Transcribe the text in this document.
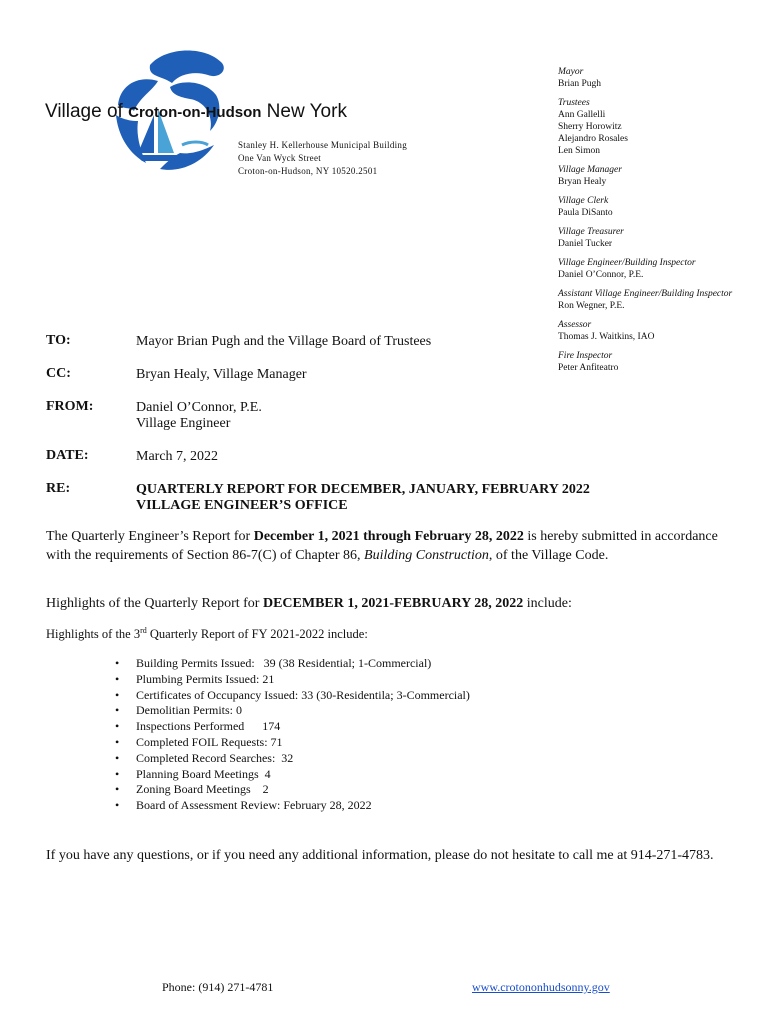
Village of Croton-on-Hudson New York
Stanley H. Kellerhouse Municipal Building
One Van Wyck Street
Croton-on-Hudson, NY 10520.2501
Mayor
Brian Pugh
Trustees
Ann Gallelli
Sherry Horowitz
Alejandro Rosales
Len Simon
Village Manager
Bryan Healy
Village Clerk
Paula DiSanto
Village Treasurer
Daniel Tucker
Village Engineer/Building Inspector
Daniel O’Connor, P.E.
Assistant Village Engineer/Building Inspector
Ron Wegner, P.E.
Assessor
Thomas J. Waitkins, IAO
Fire Inspector
Peter Anfiteatro
TO:	Mayor Brian Pugh and the Village Board of Trustees
CC:	Bryan Healy, Village Manager
FROM:	Daniel O’Connor, P.E.
Village Engineer
DATE:	March 7, 2022
RE:	QUARTERLY REPORT FOR DECEMBER, JANUARY, FEBRUARY 2022
VILLAGE ENGINEER’S OFFICE
The Quarterly Engineer’s Report for December 1, 2021 through February 28, 2022 is hereby submitted in accordance with the requirements of Section 86-7(C) of Chapter 86, Building Construction, of the Village Code.
Highlights of the Quarterly Report for DECEMBER 1, 2021-FEBRUARY 28, 2022 include:
Highlights of the 3rd Quarterly Report of FY 2021-2022 include:
• Building Permits Issued:   39 (38 Residential; 1-Commercial)
• Plumbing Permits Issued: 21
• Certificates of Occupancy Issued: 33 (30-Residentila; 3-Commercial)
• Demolitian Permits: 0
• Inspections Performed      174
• Completed FOIL Requests: 71
• Completed Record Searches:  32
• Planning Board Meetings  4
• Zoning Board Meetings    2
• Board of Assessment Review: February 28, 2022
If you have any questions, or if you need any additional information, please do not hesitate to call me at 914-271-4783.
Phone: (914) 271-4781	www.crotononhudsonny.gov
